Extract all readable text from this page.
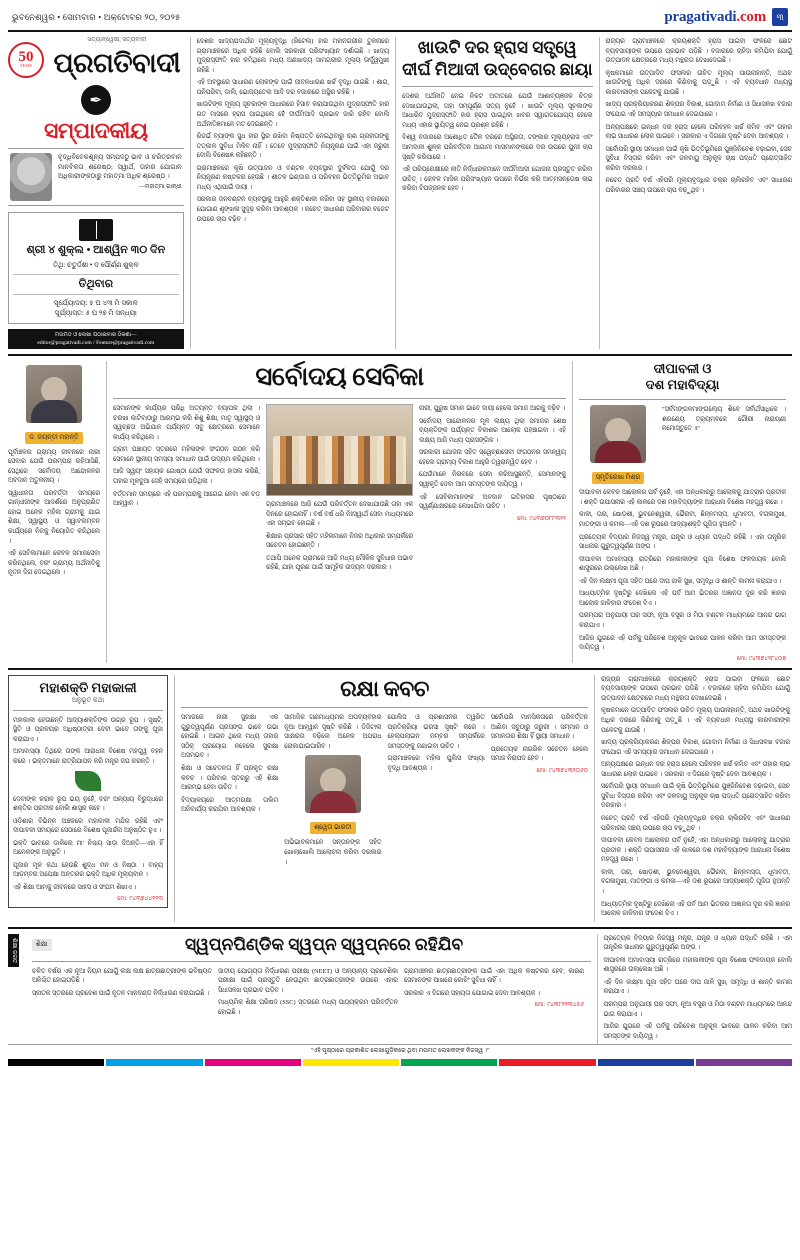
ଭୁବନେଶ୍ୱର • ସୋମବାର • ଅକ୍ଟୋବର ୨୦, ୨୦୨୫	pragativadi.com	୩
50
YEARS
ସତ୍ୟାନ୍ୱେଷୀ, ସତ୍ୟବାଦୀ
ପ୍ରଗତିବାଦୀ
✒
ସମ୍ପାଦକୀୟ
ବୃଦ୍ଧିବିବେକଶୂନ୍ୟ ସମ୍ପଦଠୁ ଭାବ ଓ ଚରିତ୍ରବାନ ମାନବିକତା ଶ୍ରେଷ୍ଠ; ସ୍ୱାର୍ଥ, ତାହାର ଯୋଗାନ ଅଧିକାରୀଙ୍କଠାରୁ ମହାତ୍ମା ଅଧିକ ଶ୍ରେଷ୍ଠ ।
—ମହାତ୍ମା ଗାନ୍ଧୀ
ଶ୍ରୀ ୪ ଶୁକ୍ଲ • ଆଶ୍ୱିନ ୩୦ ଦିନ
ତିଥି: ଚତୁର୍ଦ୍ଦଶୀ • ଦ ପୌର୍ଣ୍ଣ ଶୁକ୍ଳ
ତିଥିବାର
ସୂର୍ଯ୍ୟୋଦୟ: ୫ ଘ ୪୩ ମି ସକାଳ
ସୂର୍ଯ୍ୟାସ୍ତ: ୫ ଘ ୨୭ ମି ସନ୍ଧ୍ୟା
ମତାମତ ଓ ଲେଖା ପଠାଇବାର ଠିକଣା—
editor@pragativadi.com / Feature@pragativadi.com

ଦେଶର ଖାଦ୍ୟପଦାର୍ଥର ମୂଲ୍ୟବୃଦ୍ଧି (ରିଟେଲ) ହାର ମହାନଗରୀର ତୁଳନାରେ ଗ୍ରାମାଞ୍ଚଳରେ ଅଧିକ ରହିଛି ବୋଲି ସରକାରୀ ପରିସଂଖ୍ୟାନ ଦର୍ଶାଇଛି । ଖାଦ୍ୟ ମୁଦ୍ରାସ୍ଫୀତି ହାର କମିଥିଲେ ମଧ୍ୟ ଅଣଖାଦ୍ୟ ସାମଗ୍ରୀର ମୂଲ୍ୟ ଊର୍ଦ୍ଧ୍ୱମୁଖୀ ରହିଛି ।

ଏହି ଅବସ୍ଥାରେ ସାଧାରଣ ଲୋକଙ୍କ ପାଇଁ ଜୀବନଧାରଣ ଖର୍ଚ୍ଚ ବୃଦ୍ଧି ପାଇଛି । ଶାଗ, ପନିପରିବା, ଡାଲି, ଭୋଜ୍ୟତେଲ ଆଦି ଦର ବଜାରରେ ଅସ୍ଥିର ରହିଛି ।

ଖାଉଟିଙ୍କ ମୂଲ୍ୟ ସୂଚକାଙ୍କ ଆଧାରରେ ହିସାବ କରାଯାଉଥିବା ମୁଦ୍ରାସ୍ଫୀତି ହାର ଗତ ମାସରେ ହ୍ରାସ ପାଇଥିଲେ ହେଁ ଦୀର୍ଘମିଆଦି ପ୍ରଭାବ ଜାରି ରହିବ ବୋଲି ଅର୍ଥନୀତିଜ୍ଞମାନେ ମତ ଦେଇଛନ୍ତି ।

ରିଜର୍ଭ ବ୍ୟାଙ୍କ ସୁଧ ହାର ସ୍ଥିର ରଖିବା ନିଷ୍ପତ୍ତି ନେଇଥିବାରୁ ଋଣ ଗ୍ରହୀତାଙ୍କୁ ତତ୍କାଳ ସୁବିଧା ମିଳିବ ନାହିଁ । ତେବେ ମୁଦ୍ରାସ୍ଫୀତି ନିୟନ୍ତ୍ରଣ ପାଇଁ ଏହା ଜରୁରୀ ବୋଲି ବିଶେଷଜ୍ଞ କହିଛନ୍ତି ।

ଗ୍ରାମାଞ୍ଚଳରେ କୃଷି ଉତ୍ପାଦନ ଓ ବଣ୍ଟନ ବ୍ୟବସ୍ଥାର ଦୁର୍ବଳତା ଯୋଗୁଁ ଦର ନିୟନ୍ତ୍ରଣ କଷ୍ଟକର ହେଉଛି । ଶୀତଳ ଭଣ୍ଡାର ଓ ପରିବହନ ଭିତ୍ତିଭୂମିର ଅଭାବ ମଧ୍ୟ ଏଥିପାଇଁ ଦାୟୀ ।

ସରକାର ଜନବଣ୍ଟନ ବ୍ୟବସ୍ଥାକୁ ଆହୁରି ଶକ୍ତିଶାଳୀ କରିବା ସହ ସ୍ଥାନୀୟ ବଜାରରେ ଯୋଗାଣ ଶୃଙ୍ଖଳା ସୁଦୃଢ଼ କରିବା ଆବଶ୍ୟକ । ନଚେତ୍ ସାଧାରଣ ପରିବାରର ବଜେଟ ଉପରେ ଚାପ ବଢ଼ିବ ।

ଖାଉଟି ଦର ହ୍ରାସ ସତ୍ତ୍ୱେ ଦୀର୍ଘ ମିଆଦୀ ଉଦ୍‌ବେଗର ଛାୟା

ଦେଶର ଅର୍ଥନୀତି ନେଇ ନିକଟ ଅତୀତରେ ଯେଉଁ ଆଶାବ୍ୟଞ୍ଜକ ଚିତ୍ର ଦେଖାଯାଉଥିଲା, ତାହା ସମ୍ପୂର୍ଣ୍ଣ ସତ୍ୟ ନୁହେଁ । ଖାଉଟି ମୂଲ୍ୟ ସୂଚକାଙ୍କ ଆଧାରିତ ମୁଦ୍ରାସ୍ଫୀତି ହାର ହ୍ରାସ ପାଇଥିବା ଖବର ସ୍ୱାଗତଯୋଗ୍ୟ ହେଲେ ମଧ୍ୟ ଏହାର ସ୍ଥାୟିତ୍ୱ ନେଇ ପ୍ରଶ୍ନ ରହିଛି ।

ବିଶ୍ୱ ବଜାରରେ ଅଶୋଧିତ ତୈଳ ଦରରେ ଅସ୍ଥିରତା, ଟଙ୍କାର ମୂଲ୍ୟହ୍ରାସ ଏବଂ ଆମଦାନୀ ଶୁଳ୍କ ପରିବର୍ତ୍ତନ ଆଗାମୀ ମାସମାନଙ୍କରେ ଦର ଉପରେ ପୁନଃ ଚାପ ସୃଷ୍ଟି କରିପାରେ ।

ଏହି ପରିପ୍ରେକ୍ଷୀରେ ନୀତି ନିର୍ଦ୍ଧାରକମାନେ ଦୀର୍ଘମିଆଦୀ ଯୋଜନା ପ୍ରସ୍ତୁତ କରିବା ଉଚିତ୍ । କେବଳ ମାସିକ ପରିସଂଖ୍ୟାନ ଉପରେ ନିର୍ଭର କରି ଆତ୍ମସନ୍ତୋଷ ଲାଭ କରିବା ବିପଜ୍ଜନକ ହେବ ।

ରାଜ୍ୟର ଗ୍ରାମାଞ୍ଚଳରେ କ୍ରୟଶକ୍ତି ହ୍ରାସ ପାଇବା ଫଳରେ ଛୋଟ ବ୍ୟବସାୟୀଙ୍କ ଉପରେ ପ୍ରଭାବ ପଡ଼ିଛି । ବଜାରରେ ଚାହିଦା କମିଯିବା ଯୋଗୁଁ ଉତ୍ପାଦନ କ୍ଷେତ୍ରରେ ମଧ୍ୟ ମନ୍ଥରତା ଦେଖାଦେଇଛି ।

କୃଷକମାନେ ଉତ୍ପାଦିତ ଫସଲର ଉଚିତ ମୂଲ୍ୟ ପାଉନାହାନ୍ତି, ଅଥଚ ଖାଉଟିଙ୍କୁ ଅଧିକ ଦରରେ କିଣିବାକୁ ପଡ଼ୁଛି । ଏହି ବ୍ୟବଧାନ ମଧ୍ୟସ୍ଥ କାରବାରୀଙ୍କ ପକେଟକୁ ଯାଉଛି ।

ଖାଦ୍ୟ ପ୍ରକ୍ରିୟାକରଣ ଶିଳ୍ପର ବିକାଶ, ଗୋଦାମ ନିର୍ମାଣ ଓ ସିଧାସଳଖ ବଜାର ସଂଯୋଗ ଏହି ସମସ୍ୟାର ସମାଧାନ ଦେଇପାରେ ।

ଅନ୍ୟପକ୍ଷରେ ଇନ୍ଧନ ଦର ହ୍ରାସ ହେଲେ ପରିବହନ ଖର୍ଚ୍ଚ କମିବ ଏବଂ ତାହାର ଲାଭ ସାଧାରଣ ଲୋକ ପାଇବେ । ସରକାର ଏ ଦିଗରେ ଦୃଷ୍ଟି ଦେବା ଆବଶ୍ୟକ ।

ସର୍ବୋପରି ସ୍ଥାୟୀ ସମାଧାନ ପାଇଁ କୃଷି ଭିତ୍ତିଭୂମିରେ ପୁଞ୍ଜିନିବେଶ ବଢ଼ାଇବା, ସେଚ ସୁବିଧା ବିସ୍ତାର କରିବା ଏବଂ ଜଳବାୟୁ ଅନୁକୂଳ ଚାଷ ପଦ୍ଧତି ପ୍ରୋତ୍ସାହିତ କରିବା ଦରକାର ।

ନଚେତ୍ ପ୍ରତି ବର୍ଷ ଏହିପରି ମୂଲ୍ୟବୃଦ୍ଧିର ଚକ୍ର ଚାଲିରହିବ ଏବଂ ସାଧାରଣ ପରିବାରର ସଞ୍ଚୟ ଉପରେ ଚାପ ବଢ଼ୁଥିବ ।

ଡ. ଜୟନ୍ତୀ ମହାନ୍ତି

ପୂର୍ବାଞ୍ଚଳର ଗ୍ରାମ୍ୟ ଜୀବନରେ ନାରୀ ସେବାର ଯେଉଁ ପରମ୍ପରା ରହିଆସିଛି, ସେଥିରେ ସର୍ବୋଦୟ ଆନ୍ଦୋଳନର ଅବଦାନ ଅତୁଳନୀୟ ।

ସ୍ୱାଧୀନତା ପରବର୍ତ୍ତୀ ସମୟରେ ଗାନ୍ଧୀଜୀଙ୍କ ଆଦର୍ଶରେ ଅନୁପ୍ରାଣିତ ହୋଇ ଅନେକ ମହିଳା ଗ୍ରାମକୁ ଯାଇ ଶିକ୍ଷା, ସ୍ୱାସ୍ଥ୍ୟ ଓ ସ୍ୱାବଲମ୍ବନ କାର୍ଯ୍ୟରେ ନିଜକୁ ନିୟୋଜିତ କରିଥିଲେ ।

ଏହି ସେବିକାମାନେ କେବଳ ସମାଜସେବା କରିନଥିଲେ, ବରଂ ଗ୍ରାମ୍ୟ ଅର୍ଥନୀତିକୁ ନୂତନ ଦିଗ ଦେଇଥିଲେ ।

ସର୍ବୋଦୟ ସେବିକା

ସେମାନଙ୍କ କାର୍ଯ୍ୟର ପରିଧି ଅତ୍ୟନ୍ତ ବ୍ୟାପକ ଥିଲା । ଚରଖା କାଟିବାଠାରୁ ଆରମ୍ଭ କରି ଶିଶୁ ଶିକ୍ଷା, ମାତୃ ସ୍ୱାସ୍ଥ୍ୟ ଓ ସ୍ୱଚ୍ଛତା ଅଭିଯାନ ପର୍ଯ୍ୟନ୍ତ ସବୁ କ୍ଷେତ୍ରରେ ସେମାନେ କାର୍ଯ୍ୟ କରିଥିଲେ ।

ଗ୍ରାମ ପଞ୍ଚାୟତ ସ୍ତରରେ ମହିଳାଙ୍କ ସଂଗଠନ ଗଠନ କରି ସେମାନେ ସ୍ଥାନୀୟ ସମସ୍ୟା ସମାଧାନ ପାଇଁ ଉଦ୍ୟମ କରିଥିଲେ ।

ଆଜି ସ୍ୱୟଂ ସହାୟକ ଗୋଷ୍ଠୀ ଯେଉଁ ସଫଳତା ହାସଲ କରିଛି, ତାହାର ମୂଳଦୁଆ ସେହି ସମୟରେ ପଡ଼ିଥିଲା ।

ବର୍ତ୍ତମାନ ସମୟରେ ଏହି ପରମ୍ପରାକୁ ଆଗେଇ ନେବା ଏକ ବଡ଼ ଆହ୍ୱାନ ।	ଗ୍ରାମାଞ୍ଚଳରେ ଆଜି ଯେଉଁ ପରିବର୍ତ୍ତନ ଦେଖାଯାଉଛି ତାହା ଏକ ଦିନରେ ହୋଇନାହିଁ । ବର୍ଷ ବର୍ଷ ଧରି ନିଃସ୍ୱାର୍ଥ ସେବା ମାଧ୍ୟମରେ ଏହା ସମ୍ଭବ ହୋଇଛି ।

ଶିକ୍ଷାର ପ୍ରସାର ସହିତ ମହିଳାମାନେ ନିଜର ଅଧିକାର ସମ୍ପର୍କରେ ସଚେତନ ହୋଇଛନ୍ତି ।

ତଥାପି ଅନେକ ଗ୍ରାମରେ ଆଜି ମଧ୍ୟ ମୌଳିକ ସୁବିଧାର ଅଭାବ ରହିଛି, ଯାହା ପୂରଣ ପାଇଁ ସାମୂହିକ ଉଦ୍ୟମ ଦରକାର ।

ନାରୀ, ପୁରୁଷ ସମାନ ଭାବେ ଦାୟୀ ହେଲେ ସମାଜ ଆଗକୁ ବଢ଼ିବ ।

ସର୍ବୋଦୟ ଆନ୍ଦୋଳନର ମୂଳ ଲକ୍ଷ୍ୟ ଥିଲା ସମାଜର ଶେଷ ବ୍ୟକ୍ତିଙ୍କ ପର୍ଯ୍ୟନ୍ତ ବିକାଶର ଆଲୋକ ପହଞ୍ଚାଇବା । ଏହି ଲକ୍ଷ୍ୟ ଆଜି ମଧ୍ୟ ପ୍ରାସଙ୍ଗିକ ।

ସରକାରୀ ଯୋଜନା ସହିତ ସ୍ୱେଚ୍ଛାସେବୀ ସଂଗଠନର ସମନ୍ୱୟ ହେଲେ ଗ୍ରାମ୍ୟ ବିକାଶ ଆହୁରି ତ୍ୱରାନ୍ୱିତ ହେବ ।

ଯେଉଁମାନେ ନିରବରେ ସେବା କରିଆସୁଛନ୍ତି, ସେମାନଙ୍କୁ ସ୍ୱୀକୃତି ଦେବା ଆମ ସମସ୍ତଙ୍କ ଦାୟିତ୍ୱ ।

ଏହି ସେବିକାମାନଙ୍କ ଅବଦାନ ଇତିହାସର ପୃଷ୍ଠାରେ ସ୍ୱର୍ଣ୍ଣାକ୍ଷରରେ ଲେଖାଯିବା ଉଚିତ ।

ମୋ: ୯୪୩୭୦୮୮୩୨୨
ଦୀପାବଳୀ ଓ
ଦଶ ମହାବିଦ୍ୟା
ସ୍ମୃତିରେଖା ମିଶ୍ର

"ସର୍ବମଙ୍ଗଳମାଙ୍ଗଲ୍ୟେ ଶିବେ ସର୍ବାର୍ଥସାଧିକେ । ଶରଣ୍ୟେ ତ୍ର୍ୟମ୍ବକେ ଗୌରୀ ନାରାୟଣୀ ନମୋସ୍ତୁତେ ॥"

ଦୀପାବଳୀ କେବଳ ଆଲୋକର ପର୍ବ ନୁହେଁ, ଏହା ଅନ୍ଧକାରରୁ ଆଲୋକକୁ ଯାତ୍ରାର ପ୍ରତୀକ । ଶକ୍ତି ଉପାସନାର ଏହି କାଳରେ ଦଶ ମହାବିଦ୍ୟାଙ୍କ ଆରାଧନା ବିଶେଷ ମହତ୍ତ୍ୱ ରଖେ ।

କାଳୀ, ତାରା, ଷୋଡ଼ଶୀ, ଭୁବନେଶ୍ୱରୀ, ଭୈରବୀ, ଛିନ୍ନମସ୍ତା, ଧୂମାବତୀ, ବଗଳାମୁଖୀ, ମାତଙ୍ଗୀ ଓ କମଳା—ଏହି ଦଶ ରୂପରେ ଆଦ୍ୟାଶକ୍ତି ପୂଜିତା ହୁଅନ୍ତି ।

ପ୍ରତ୍ୟେକ ବିଦ୍ୟାର ନିଜସ୍ୱ ମନ୍ତ୍ର, ଯନ୍ତ୍ର ଓ ଧ୍ୟାନ ପଦ୍ଧତି ରହିଛି । ଏହା ତାନ୍ତ୍ରିକ ସାଧନାର ଗୁରୁତ୍ୱପୂର୍ଣ୍ଣ ଅଙ୍ଗ ।

ଦୀପାବଳୀ ଅମାବାସ୍ୟା ରାତ୍ରିରେ ମହାକାଳୀଙ୍କ ପୂଜା ବିଶେଷ ଫଳଦାୟକ ବୋଲି ଶାସ୍ତ୍ରରେ ଉଲ୍ଲେଖ ଅଛି ।

ଏହି ଦିନ ଲକ୍ଷ୍ମୀ ପୂଜା ସହିତ ଘରେ ଦୀପ ଜାଳି ସୁଖ, ସମୃଦ୍ଧି ଓ ଶାନ୍ତି କାମନା କରାଯାଏ ।

ଆଧ୍ୟାତ୍ମିକ ଦୃଷ୍ଟିରୁ ଦେଖିଲେ ଏହି ପର୍ବ ଆମ ଭିତରର ଅଜ୍ଞାନତା ଦୂର କରି ଜ୍ଞାନର ଆଲୋକ ଜାଳିବାର ସଂଦେଶ ଦିଏ ।

ପରମ୍ପରା ଅନୁଯାୟୀ ଘର ସଫା, ନୂଆ ବସ୍ତ୍ର ଓ ମିଠା ବଣ୍ଟନ ମାଧ୍ୟମରେ ଆନନ୍ଦ ଭାଗ କରାଯାଏ ।

ଆଜିର ଯୁଗରେ ଏହି ପର୍ବକୁ ପରିବେଶ ଅନୁକୂଳ ଭାବରେ ପାଳନ କରିବା ଆମ ସମସ୍ତଙ୍କ ଦାୟିତ୍ୱ ।

ମୋ: ୯୪୩୭୪୨୮୪୦୭
ମହାଶକ୍ତି ମହାକାଳୀ
ଅନୁଭୂତ କଥା

ମହାକାଳୀ ହେଉଛନ୍ତି ଆଦ୍ୟାଶକ୍ତିଙ୍କ ଉଗ୍ର ରୂପ । ସୃଷ୍ଟି, ସ୍ଥିତି ଓ ପ୍ରଳୟର ଅଧିଷ୍ଠାତ୍ରୀ ଦେବୀ ଭାବେ ତାଙ୍କୁ ପୂଜା କରାଯାଏ ।

ଅମାବାସ୍ୟା ତିଥିରେ ତାଙ୍କ ଆରାଧନା ବିଶେଷ ମହତ୍ତ୍ୱ ବହନ କରେ । ଭକ୍ତମାନେ ରାତ୍ରିଯାପନ କରି ମନ୍ତ୍ର ଜପ କରନ୍ତି ।

ଦେବୀଙ୍କ କରାଳ ରୂପ ଭୟ ନୁହେଁ, ବରଂ ଅନ୍ୟାୟ ବିରୁଦ୍ଧରେ ଶକ୍ତିର ପ୍ରତୀକ ବୋଲି ଶାସ୍ତ୍ର କହେ ।

ଓଡ଼ିଶାର ବିଭିନ୍ନ ଅଞ୍ଚଳରେ ମହାକାଳୀ ମନ୍ଦିର ରହିଛି ଏବଂ ଦୀପାବଳୀ ସମୟରେ ସେଠାରେ ବିଶେଷ ପୂଜାର୍ଚ୍ଚନା ଅନୁଷ୍ଠିତ ହୁଏ ।

ଭକ୍ତି ଭାବରେ ଡାକିଲେ ମା' ନିଶ୍ଚୟ ସାଡ଼ା ଦିଅନ୍ତି—ଏହା ହିଁ ଅନେକଙ୍କ ଅନୁଭୂତି ।

ପୂଜାର ମୂଳ କଥା ହେଉଛି ଶୁଦ୍ଧ ମନ ଓ ନିଷ୍ଠା । ବାହ୍ୟ ଆଡ଼ମ୍ବର ଅପେକ୍ଷା ଅନ୍ତରର ଭକ୍ତି ଅଧିକ ମୂଲ୍ୟବାନ ।

ଏହି ଶିକ୍ଷା ଆମକୁ ଜୀବନରେ ସାହସ ଓ ସଂଯମ ଶିଖାଏ ।

ମୋ: ୯୪୩୭୪୪୧୨୩
ରକ୍ଷା କବଚ

ସମାଜରେ ନାରୀ ସୁରକ୍ଷା ଏକ ଗୁରୁତ୍ୱପୂର୍ଣ୍ଣ ପ୍ରସଙ୍ଗ ଭାବେ ଉଭା ହୋଇଛି । ଆଇନ ଥିଲେ ମଧ୍ୟ ତାହାର ସଠିକ୍ ପ୍ରୟୋଗ ନହେଲେ ସୁରକ୍ଷା ଅସମ୍ଭବ ।

ଶିକ୍ଷା ଓ ସଚେତନତା ହିଁ ପ୍ରକୃତ ରକ୍ଷା କବଚ । ପରିବାର ସ୍ତରରୁ ଏହି ଶିକ୍ଷା ଆରମ୍ଭ ହେବା ଉଚିତ ।

ବିଦ୍ୟାଳୟରେ ଆତ୍ମରକ୍ଷା ତାଲିମ ଅନିବାର୍ଯ୍ୟ କରାଯିବା ଆବଶ୍ୟକ ।

ସାମାଜିକ ଗଣମାଧ୍ୟମର ଅପବ୍ୟବହାର ନୂଆ ଆହ୍ୱାନ ସୃଷ୍ଟି କରିଛି । ଡିଜିଟାଲ ସାକ୍ଷରତା ବଢ଼ିଲେ ଅନେକ ଅପରାଧ ରୋକାଯାଇପାରିବ ।

ଶ୍ୱେତା ଭାରତୀ

ଅଭିଭାବକମାନେ ସନ୍ତାନଙ୍କ ସହିତ ଖୋଲାଖୋଲି ଆଲୋଚନା କରିବା ଦରକାର ।

ପୋଲିସ ଓ ପ୍ରଶାସନର ତ୍ୱରିତ ପ୍ରତିକ୍ରିୟା ଭରସା ସୃଷ୍ଟି କରେ । ହେଲ୍ପଲାଇନ ନମ୍ବର ସମ୍ପର୍କରେ ସମସ୍ତଙ୍କୁ ଜଣାଇବା ଉଚିତ ।

ଗ୍ରାମାଞ୍ଚଳରେ ମହିଳା ପୁଲିସ ସଂଖ୍ୟା ବୃଦ୍ଧି ଆବଶ୍ୟକ ।

ସର୍ବୋପରି ମାନସିକତାରେ ପରିବର୍ତ୍ତନ ଆଣିବା ସବୁଠାରୁ ଜରୁରୀ । ସମ୍ମାନ ଓ ସମାନତାର ଶିକ୍ଷା ହିଁ ସ୍ଥାୟୀ ସମାଧାନ ।

ପ୍ରତ୍ୟେକ ନାଗରିକ ସଚେତନ ହେଲେ ସମାଜ ନିରାପଦ ହେବ ।

ମୋ: ୯୪୩୭୪୩୨୦୬୦

ରାଜ୍ୟର ଗ୍ରାମାଞ୍ଚଳରେ କ୍ରୟଶକ୍ତି ହ୍ରାସ ପାଇବା ଫଳରେ ଛୋଟ ବ୍ୟବସାୟୀଙ୍କ ଉପରେ ପ୍ରଭାବ ପଡ଼ିଛି । ବଜାରରେ ଚାହିଦା କମିଯିବା ଯୋଗୁଁ ଉତ୍ପାଦନ କ୍ଷେତ୍ରରେ ମଧ୍ୟ ମନ୍ଥରତା ଦେଖାଦେଇଛି ।

କୃଷକମାନେ ଉତ୍ପାଦିତ ଫସଲର ଉଚିତ ମୂଲ୍ୟ ପାଉନାହାନ୍ତି, ଅଥଚ ଖାଉଟିଙ୍କୁ ଅଧିକ ଦରରେ କିଣିବାକୁ ପଡ଼ୁଛି । ଏହି ବ୍ୟବଧାନ ମଧ୍ୟସ୍ଥ କାରବାରୀଙ୍କ ପକେଟକୁ ଯାଉଛି ।

ଖାଦ୍ୟ ପ୍ରକ୍ରିୟାକରଣ ଶିଳ୍ପର ବିକାଶ, ଗୋଦାମ ନିର୍ମାଣ ଓ ସିଧାସଳଖ ବଜାର ସଂଯୋଗ ଏହି ସମସ୍ୟାର ସମାଧାନ ଦେଇପାରେ ।

ଅନ୍ୟପକ୍ଷରେ ଇନ୍ଧନ ଦର ହ୍ରାସ ହେଲେ ପରିବହନ ଖର୍ଚ୍ଚ କମିବ ଏବଂ ତାହାର ଲାଭ ସାଧାରଣ ଲୋକ ପାଇବେ । ସରକାର ଏ ଦିଗରେ ଦୃଷ୍ଟି ଦେବା ଆବଶ୍ୟକ ।

ସର୍ବୋପରି ସ୍ଥାୟୀ ସମାଧାନ ପାଇଁ କୃଷି ଭିତ୍ତିଭୂମିରେ ପୁଞ୍ଜିନିବେଶ ବଢ଼ାଇବା, ସେଚ ସୁବିଧା ବିସ୍ତାର କରିବା ଏବଂ ଜଳବାୟୁ ଅନୁକୂଳ ଚାଷ ପଦ୍ଧତି ପ୍ରୋତ୍ସାହିତ କରିବା ଦରକାର ।

ନଚେତ୍ ପ୍ରତି ବର୍ଷ ଏହିପରି ମୂଲ୍ୟବୃଦ୍ଧିର ଚକ୍ର ଚାଲିରହିବ ଏବଂ ସାଧାରଣ ପରିବାରର ସଞ୍ଚୟ ଉପରେ ଚାପ ବଢ଼ୁଥିବ ।

ଦୀପାବଳୀ କେବଳ ଆଲୋକର ପର୍ବ ନୁହେଁ, ଏହା ଅନ୍ଧକାରରୁ ଆଲୋକକୁ ଯାତ୍ରାର ପ୍ରତୀକ । ଶକ୍ତି ଉପାସନାର ଏହି କାଳରେ ଦଶ ମହାବିଦ୍ୟାଙ୍କ ଆରାଧନା ବିଶେଷ ମହତ୍ତ୍ୱ ରଖେ ।

କାଳୀ, ତାରା, ଷୋଡ଼ଶୀ, ଭୁବନେଶ୍ୱରୀ, ଭୈରବୀ, ଛିନ୍ନମସ୍ତା, ଧୂମାବତୀ, ବଗଳାମୁଖୀ, ମାତଙ୍ଗୀ ଓ କମଳା—ଏହି ଦଶ ରୂପରେ ଆଦ୍ୟାଶକ୍ତି ପୂଜିତା ହୁଅନ୍ତି ।

ଆଧ୍ୟାତ୍ମିକ ଦୃଷ୍ଟିରୁ ଦେଖିଲେ ଏହି ପର୍ବ ଆମ ଭିତରର ଅଜ୍ଞାନତା ଦୂର କରି ଜ୍ଞାନର ଆଲୋକ ଜାଳିବାର ସଂଦେଶ ଦିଏ ।

ଶିକ୍ଷା ଜଗତ	ଶିକ୍ଷା	ସ୍ୱପ୍ନପିଣ୍ଡିକ ସ୍ୱପ୍ନ ସ୍ୱପ୍ନରେ ରହିଯିବ

ଚଳିତ ବର୍ଷର ଏକ ନୂଆ ନିୟମ ଯୋଗୁଁ ଲକ୍ଷ ଲକ୍ଷ ଛାତ୍ରଛାତ୍ରୀଙ୍କ ଭବିଷ୍ୟତ ଅନିଶ୍ଚିତ ହୋଇପଡ଼ିଛି ।

ସ୍ନାତକ ସ୍ତରରେ ପ୍ରବେଶ ପାଇଁ ନୂତନ ମାନଦଣ୍ଡ ନିର୍ଦ୍ଧାରଣ କରାଯାଇଛି ।

ଜାତୀୟ ଯୋଗ୍ୟତା ନିର୍ଦ୍ଧାରଣ ପରୀକ୍ଷା (NEET) ଓ ଅନ୍ୟାନ୍ୟ ପ୍ରବେଶିକା ପରୀକ୍ଷା ପାଇଁ ପ୍ରସ୍ତୁତି ନେଉଥିବା ଛାତ୍ରଛାତ୍ରୀଙ୍କ ଉପରେ ଏହାର ସିଧାସଳଖ ପ୍ରଭାବ ପଡ଼ିବ ।

ମାଧ୍ୟମିକ ଶିକ୍ଷା ପରିଷଦ (SSC) ସ୍ତରରେ ମଧ୍ୟ ପାଠ୍ୟକ୍ରମ ପରିବର୍ତ୍ତନ ହୋଇଛି ।

ଗ୍ରାମାଞ୍ଚଳର ଛାତ୍ରଛାତ୍ରୀଙ୍କ ପାଇଁ ଏହା ଅଧିକ କଷ୍ଟକର ହେବ, କାରଣ ସେମାନଙ୍କ ପାଖରେ କୋଚିଂ ସୁବିଧା ନାହିଁ ।

ସରକାର ଏ ଦିଗରେ ସହାୟତା ଯୋଗାଇ ଦେବା ଆବଶ୍ୟକ ।

ମୋ: ୯୪୩୮୧୨୩୪୫୬

ପ୍ରତ୍ୟେକ ବିଦ୍ୟାର ନିଜସ୍ୱ ମନ୍ତ୍ର, ଯନ୍ତ୍ର ଓ ଧ୍ୟାନ ପଦ୍ଧତି ରହିଛି । ଏହା ତାନ୍ତ୍ରିକ ସାଧନାର ଗୁରୁତ୍ୱପୂର୍ଣ୍ଣ ଅଙ୍ଗ ।

ଦୀପାବଳୀ ଅମାବାସ୍ୟା ରାତ୍ରିରେ ମହାକାଳୀଙ୍କ ପୂଜା ବିଶେଷ ଫଳଦାୟକ ବୋଲି ଶାସ୍ତ୍ରରେ ଉଲ୍ଲେଖ ଅଛି ।

ଏହି ଦିନ ଲକ୍ଷ୍ମୀ ପୂଜା ସହିତ ଘରେ ଦୀପ ଜାଳି ସୁଖ, ସମୃଦ୍ଧି ଓ ଶାନ୍ତି କାମନା କରାଯାଏ ।

ପରମ୍ପରା ଅନୁଯାୟୀ ଘର ସଫା, ନୂଆ ବସ୍ତ୍ର ଓ ମିଠା ବଣ୍ଟନ ମାଧ୍ୟମରେ ଆନନ୍ଦ ଭାଗ କରାଯାଏ ।

ଆଜିର ଯୁଗରେ ଏହି ପର୍ବକୁ ପରିବେଶ ଅନୁକୂଳ ଭାବରେ ପାଳନ କରିବା ଆମ ସମସ୍ତଙ୍କ ଦାୟିତ୍ୱ ।

"ଏହି ପୃଷ୍ଠାରେ ପ୍ରକାଶିତ ଲେଖାଗୁଡ଼ିକରେ ଥିବା ମତାମତ ଲେଖକଙ୍କ ନିଜସ୍ୱ ।"
